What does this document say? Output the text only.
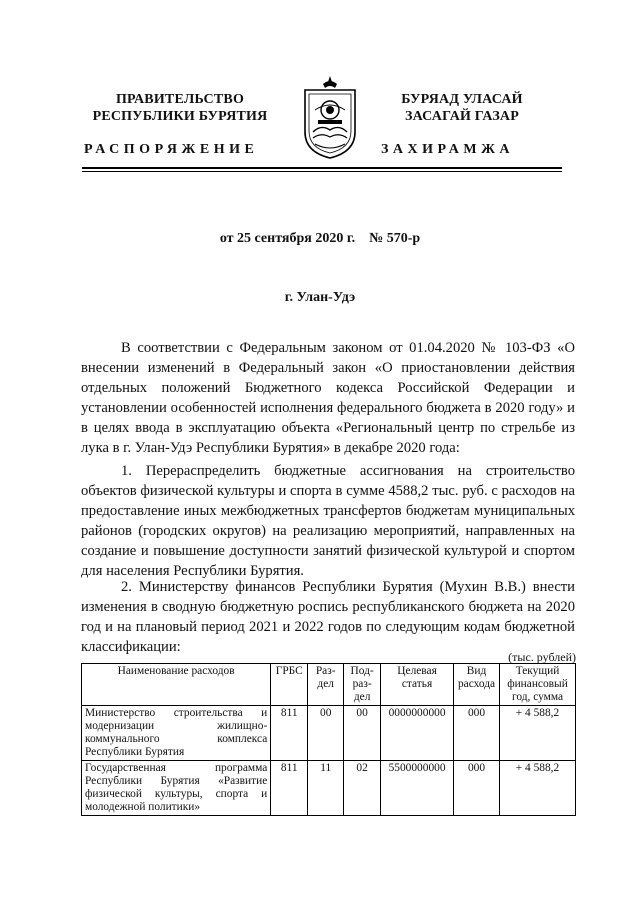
ПРАВИТЕЛЬСТВО
РЕСПУБЛИКИ БУРЯТИЯ
БУРЯАД УЛАСАЙ
ЗАСАГАЙ ГАЗАР
РАСПОРЯЖЕНИЕ	ЗАХИРАМЖА
от 25 сентября 2020 г.    № 570-р
г. Улан-Удэ
В соответствии с Федеральным законом от 01.04.2020 № 103-ФЗ «О внесении изменений в Федеральный закон «О приостановлении действия отдельных положений Бюджетного кодекса Российской Федерации и установлении особенностей исполнения федерального бюджета в 2020 году» и в целях ввода в эксплуатацию объекта «Региональный центр по стрельбе из лука в г. Улан-Удэ Республики Бурятия» в декабре 2020 года:
1. Перераспределить бюджетные ассигнования на строительство объектов физической культуры и спорта в сумме 4588,2 тыс. руб. с расходов на предоставление иных межбюджетных трансфертов бюджетам муниципальных районов (городских округов) на реализацию мероприятий, направленных на создание и повышение доступности занятий физической культурой и спортом для населения Республики Бурятия.
2. Министерству финансов Республики Бурятия (Мухин В.В.) внести изменения в сводную бюджетную роспись республиканского бюджета на 2020 год и на плановый период 2021 и 2022 годов по следующим кодам бюджетной классификации:
(тыс. рублей)
Наименование расходов	ГРБС	Раз-дел	Под-раз-дел	Целевая статья	Вид расхода	Текущий финансовый год, сумма
Министерство строительства и модернизации жилищно-коммунального комплекса Республики Бурятия	811	00	00	0000000000	000	+ 4 588,2
Государственная программа Республики Бурятия «Развитие физической культуры, спорта и молодежной политики»	811	11	02	5500000000	000	+ 4 588,2
